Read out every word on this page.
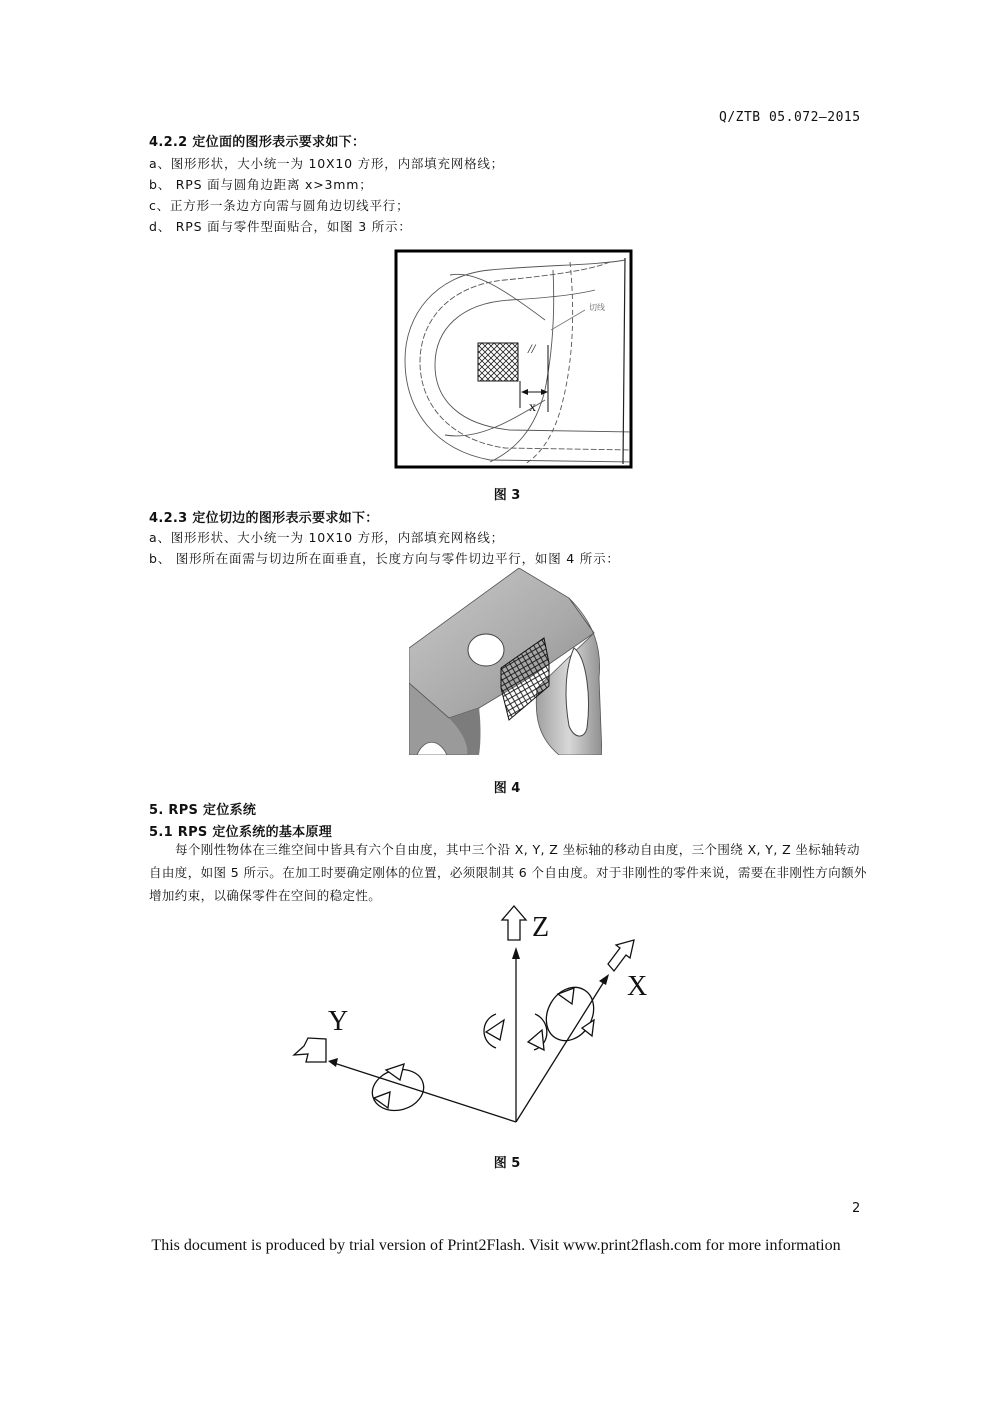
Q/ZTB 05.072—2015
4.2.2 定位面的图形表示要求如下：
a、图形形状，大小统一为 10X10 方形，内部填充网格线；
b、 RPS 面与圆角边距离 x>3mm；
c、正方形一条边方向需与圆角边切线平行；
d、 RPS 面与零件型面贴合，如图 3 所示：
//
x
切线
图 3
4.2.3 定位切边的图形表示要求如下：
a、图形形状、大小统一为 10X10 方形，内部填充网格线；
b、 图形所在面需与切边所在面垂直，长度方向与零件切边平行，如图 4 所示：
图 4
5. RPS 定位系统
5.1 RPS 定位系统的基本原理
每个刚性物体在三维空间中皆具有六个自由度，其中三个沿 X, Y, Z 坐标轴的移动自由度，三个围绕 X, Y, Z 坐标轴转动自由度，如图 5 所示。在加工时要确定刚体的位置，必须限制其 6 个自由度。对于非刚性的零件来说，需要在非刚性方向额外增加约束，以确保零件在空间的稳定性。
Z
X
Y
图 5
2
This document is produced by trial version of Print2Flash. Visit www.print2flash.com for more information
